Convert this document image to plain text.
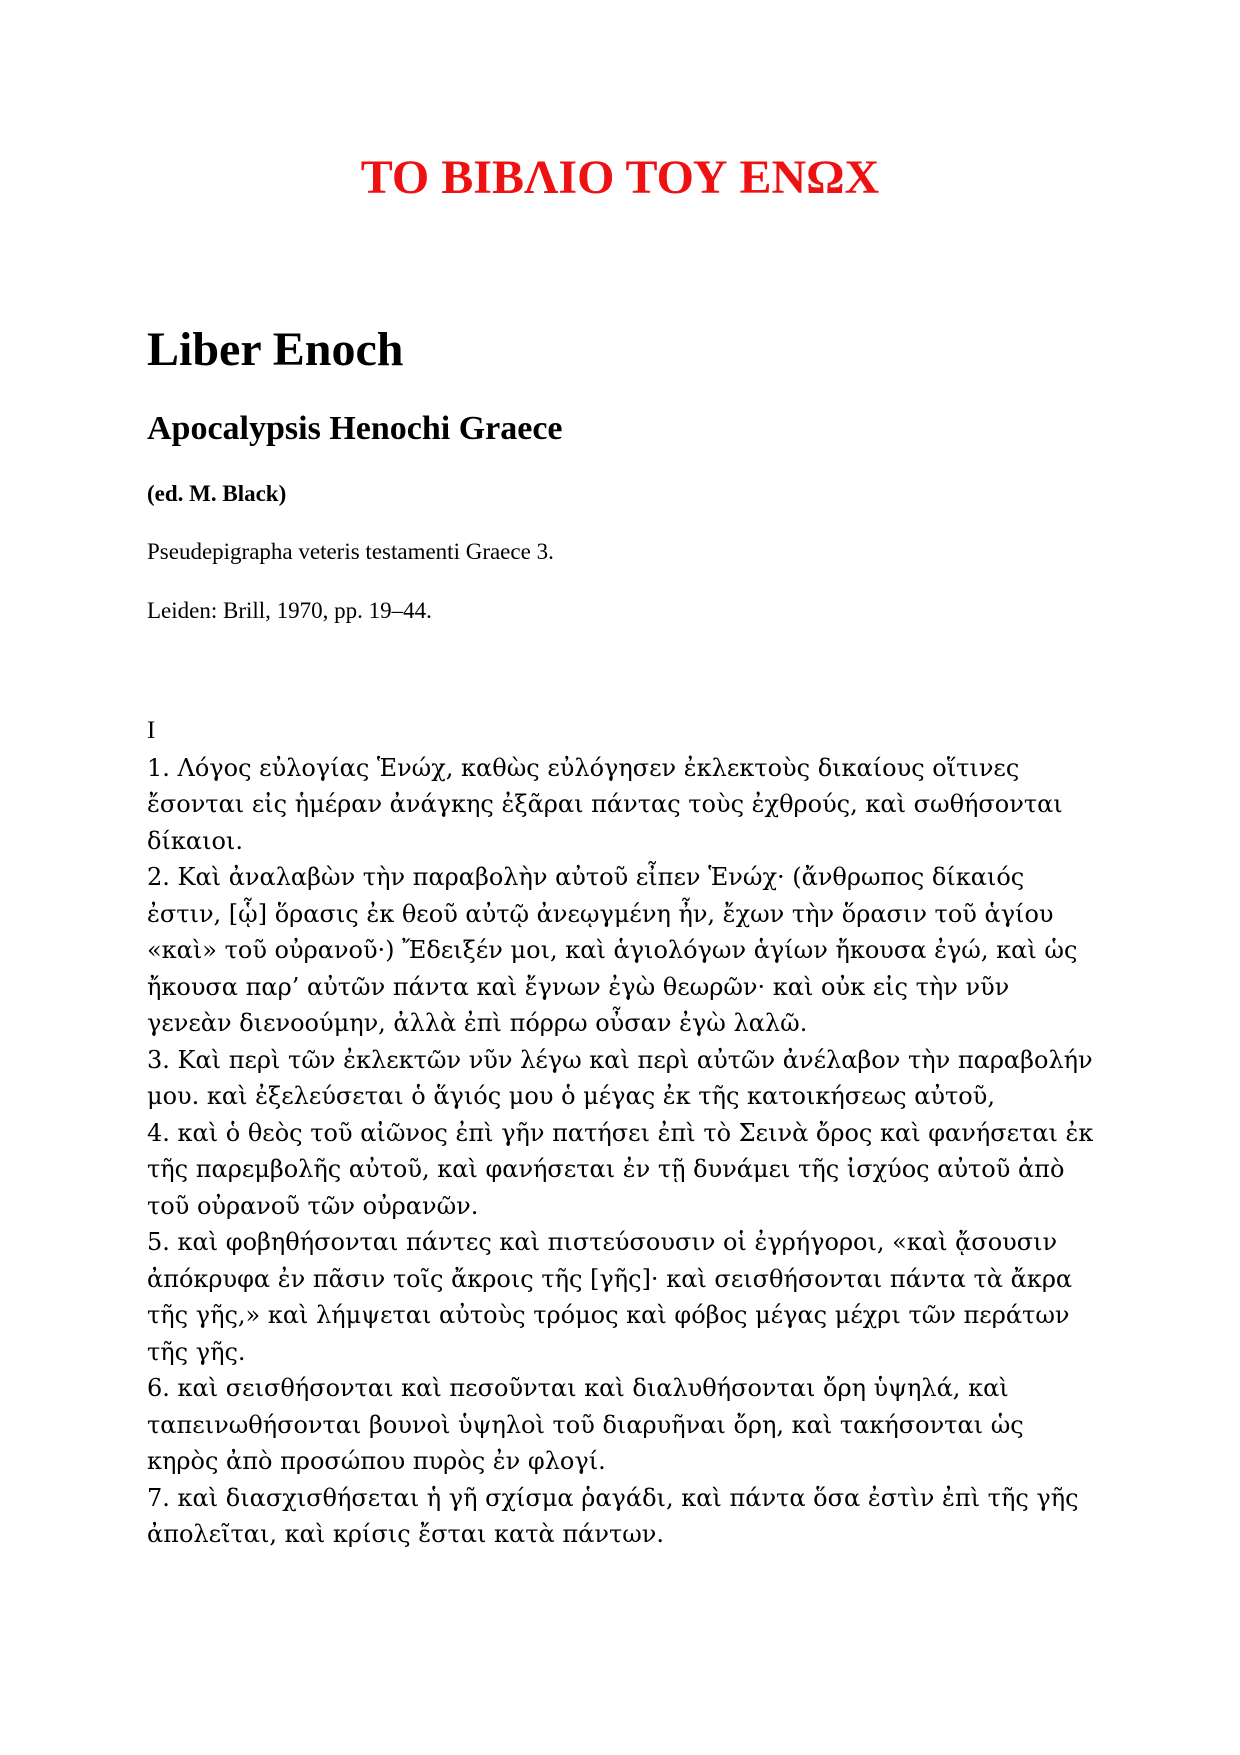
ΤΟ ΒΙΒΛΙΟ ΤΟΥ ΕΝΩΧ
Liber Enoch
Apocalypsis Henochi Graece

(ed. M. Black)

Pseudepigrapha veteris testamenti Graece 3.

Leiden: Brill, 1970, pp. 19–44.

I
1. Λόγος εὐλογίας Ἑνώχ, καθὼς εὐλόγησεν ἐκλεκτοὺς δικαίους οἵτινες ἔσονται εἰς ἡμέραν ἀνάγκης ἐξᾶραι πάντας τοὺς ἐχθρούς, καὶ σωθήσονται δίκαιοι.
2. Καὶ ἀναλαβὼν τὴν παραβολὴν αὐτοῦ εἶπεν Ἑνώχ· (ἄνθρωπος δίκαιός ἐστιν, [ᾧ] ὅρασις ἐκ θεοῦ αὐτῷ ἀνεῳγμένη ἦν, ἔχων τὴν ὅρασιν τοῦ ἁγίου «καὶ» τοῦ οὐρανοῦ·) Ἔδειξέν μοι, καὶ ἁγιολόγων ἁγίων ἤκουσα ἐγώ, καὶ ὡς ἤκουσα παρ’ αὐτῶν πάντα καὶ ἔγνων ἐγὼ θεωρῶν· καὶ οὐκ εἰς τὴν νῦν γενεὰν διενοούμην, ἀλλὰ ἐπὶ πόρρω οὖσαν ἐγὼ λαλῶ.
3. Καὶ περὶ τῶν ἐκλεκτῶν νῦν λέγω καὶ περὶ αὐτῶν ἀνέλαβον τὴν παραβολήν μου. καὶ ἐξελεύσεται ὁ ἅγιός μου ὁ μέγας ἐκ τῆς κατοικήσεως αὐτοῦ,
4. καὶ ὁ θεὸς τοῦ αἰῶνος ἐπὶ γῆν πατήσει ἐπὶ τὸ Σεινὰ ὄρος καὶ φανήσεται ἐκ τῆς παρεμβολῆς αὐτοῦ, καὶ φανήσεται ἐν τῇ δυνάμει τῆς ἰσχύος αὐτοῦ ἀπὸ τοῦ οὐρανοῦ τῶν οὐρανῶν.
5. καὶ φοβηθήσονται πάντες καὶ πιστεύσουσιν οἱ ἐγρήγοροι, «καὶ ᾄσουσιν ἀπόκρυφα ἐν πᾶσιν τοῖς ἄκροις τῆς [γῆς]· καὶ σεισθήσονται πάντα τὰ ἄκρα τῆς γῆς,» καὶ λήμψεται αὐτοὺς τρόμος καὶ φόβος μέγας μέχρι τῶν περάτων τῆς γῆς.
6. καὶ σεισθήσονται καὶ πεσοῦνται καὶ διαλυθήσονται ὄρη ὑψηλά, καὶ ταπεινωθήσονται βουνοὶ ὑψηλοὶ τοῦ διαρυῆναι ὄρη, καὶ τακήσονται ὡς κηρὸς ἀπὸ προσώπου πυρὸς ἐν φλογί.
7. καὶ διασχισθήσεται ἡ γῆ σχίσμα ῥαγάδι, καὶ πάντα ὅσα ἐστὶν ἐπὶ τῆς γῆς ἀπολεῖται, καὶ κρίσις ἔσται κατὰ πάντων.
